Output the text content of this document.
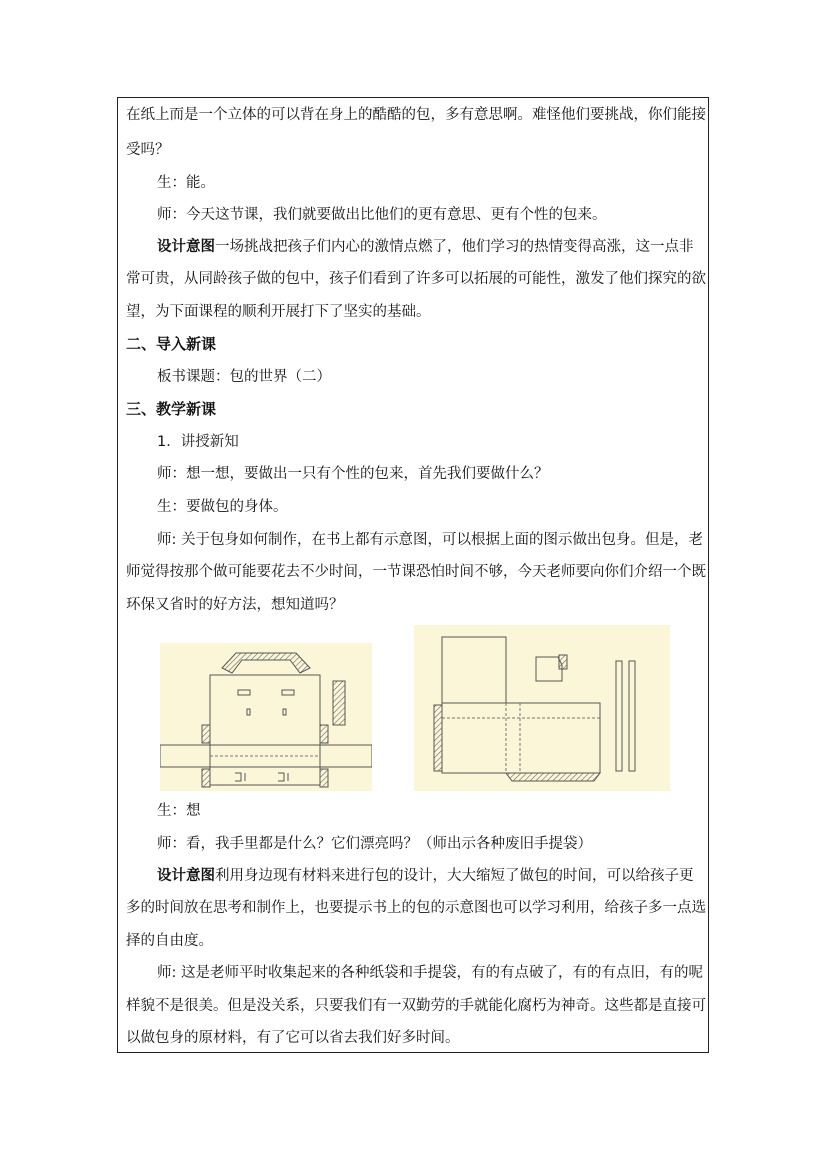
在纸上而是一个立体的可以背在身上的酷酷的包，多有意思啊。难怪他们要挑战，你们能接
受吗？
生：能。
师：今天这节课，我们就要做出比他们的更有意思、更有个性的包来。
设计意图一场挑战把孩子们内心的激情点燃了，他们学习的热情变得高涨，这一点非
常可贵，从同龄孩子做的包中，孩子们看到了许多可以拓展的可能性，激发了他们探究的欲
望，为下面课程的顺利开展打下了坚实的基础。
二、导入新课
板书课题：包的世界（二）
三、教学新课
1．讲授新知
师：想一想，要做出一只有个性的包来，首先我们要做什么？
生：要做包的身体。
师: 关于包身如何制作，在书上都有示意图，可以根据上面的图示做出包身。但是，老
师觉得按那个做可能要花去不少时间，一节课恐怕时间不够，今天老师要向你们介绍一个既
环保又省时的好方法，想知道吗？
生：想
师：看，我手里都是什么？它们漂亮吗？（师出示各种废旧手提袋）
设计意图利用身边现有材料来进行包的设计，大大缩短了做包的时间，可以给孩子更
多的时间放在思考和制作上，也要提示书上的包的示意图也可以学习利用，给孩子多一点选
择的自由度。
师: 这是老师平时收集起来的各种纸袋和手提袋，有的有点破了，有的有点旧，有的呢
样貌不是很美。但是没关系，只要我们有一双勤劳的手就能化腐朽为神奇。这些都是直接可
以做包身的原材料，有了它可以省去我们好多时间。
